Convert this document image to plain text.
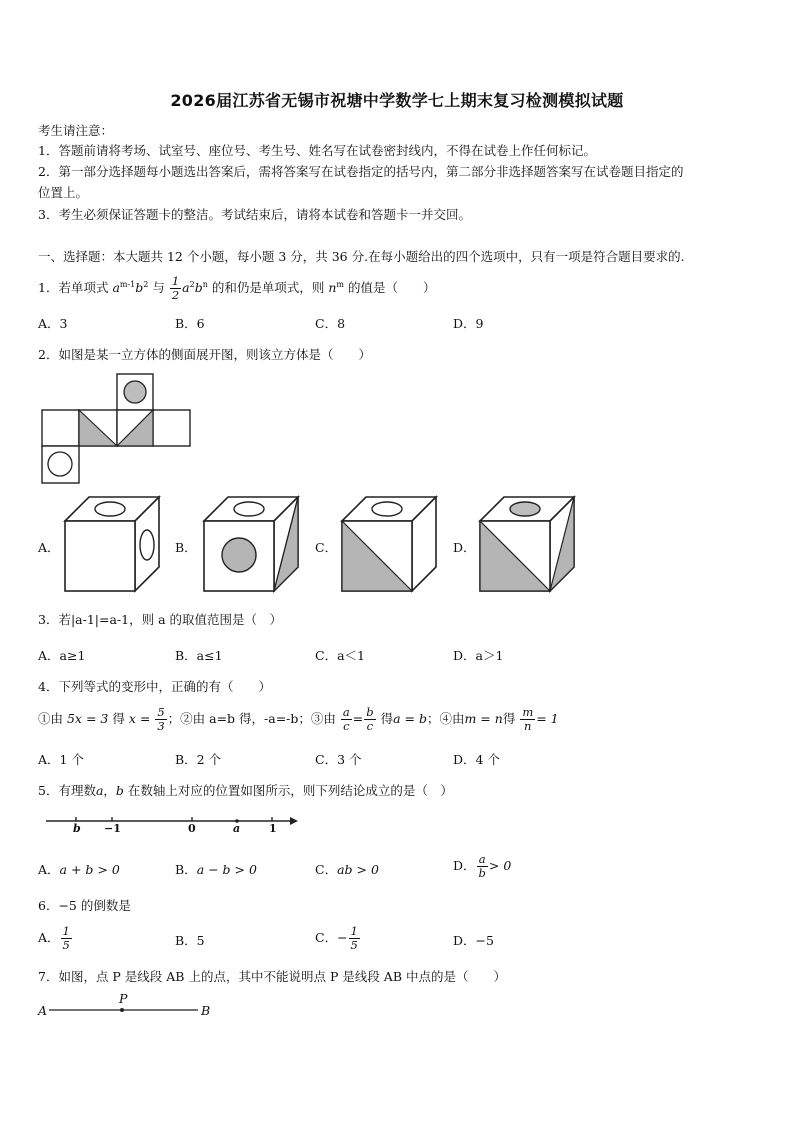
2026届江苏省无锡市祝塘中学数学七上期末复习检测模拟试题
考生请注意：
1．答题前请将考场、试室号、座位号、考生号、姓名写在试卷密封线内，不得在试卷上作任何标记。
2．第一部分选择题每小题选出答案后，需将答案写在试卷指定的括号内，第二部分非选择题答案写在试卷题目指定的
位置上。
3．考生必须保证答题卡的整洁。考试结束后，请将本试卷和答题卡一并交回。
一、选择题：本大题共 12 个小题，每小题 3 分，共 36 分.在每小题给出的四个选项中，只有一项是符合题目要求的.
1．若单项式 $a^{m-1}b^2$ 与 $\frac{1}{2} a^2b^n$ 的和仍是单项式，则 $n^m$ 的值是（　　）
A．3	B．6	C．8	D．9
2．如图是某一立方体的侧面展开图，则该立方体是（　　）
A．	B．	C．	D．
3．若|a-1|=a-1，则 a 的取值范围是（　）
A．a≥1	B．a≤1	C．a＜1	D．a＞1
4．下列等式的变形中，正确的有（　　）
①由 5x = 3 得 $x = \frac{5}{3}$ ；②由 a=b 得，-a=-b；③由 $\frac{a}{c} = \frac{b}{c}$ 得a = b；④由m = n得 $\frac{m}{n} = 1$
A．1 个	B．2 个	C．3 个	D．4 个
5．有理数a，b 在数轴上对应的位置如图所示，则下列结论成立的是（　）
b −1	0	a	1
A．a + b > 0	B．a − b > 0	C．ab > 0	D． $\frac{a}{b} > 0$
6．−5 的倒数是
A． $\frac{1}{5}$	B．5	C．− $\frac{1}{5}$	D．−5
7．如图，点 P 是线段 AB 上的点，其中不能说明点 P 是线段 AB 中点的是（　　）
A
P
B
